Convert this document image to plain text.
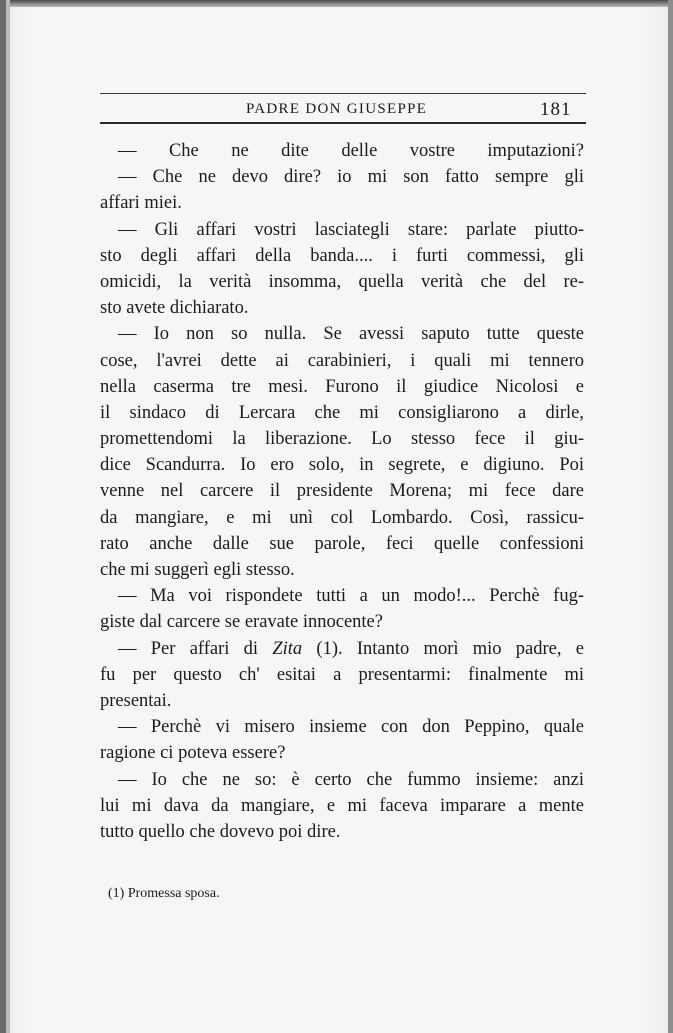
PADRE DON GIUSEPPE	181
— Che ne dite delle vostre imputazioni?
— Che ne devo dire? io mi son fatto sempre gli
affari miei.
— Gli affari vostri lasciategli stare: parlate piutto-
sto degli affari della banda.... i furti commessi, gli
omicidi, la verità insomma, quella verità che del re-
sto avete dichiarato.
— Io non so nulla. Se avessi saputo tutte queste
cose, l'avrei dette ai carabinieri, i quali mi tennero
nella caserma tre mesi. Furono il giudice Nicolosi e
il sindaco di Lercara che mi consigliarono a dirle,
promettendomi la liberazione. Lo stesso fece il giu-
dice Scandurra. Io ero solo, in segrete, e digiuno. Poi
venne nel carcere il presidente Morena; mi fece dare
da mangiare, e mi unì col Lombardo. Così, rassicu-
rato anche dalle sue parole, feci quelle confessioni
che mi suggerì egli stesso.
— Ma voi rispondete tutti a un modo!... Perchè fug-
giste dal carcere se eravate innocente?
— Per affari di Zita (1). Intanto morì mio padre, e
fu per questo ch' esitai a presentarmi: finalmente mi
presentai.
— Perchè vi misero insieme con don Peppino, quale
ragione ci poteva essere?
— Io che ne so: è certo che fummo insieme: anzi
lui mi dava da mangiare, e mi faceva imparare a mente
tutto quello che dovevo poi dire.
(1) Promessa sposa.
